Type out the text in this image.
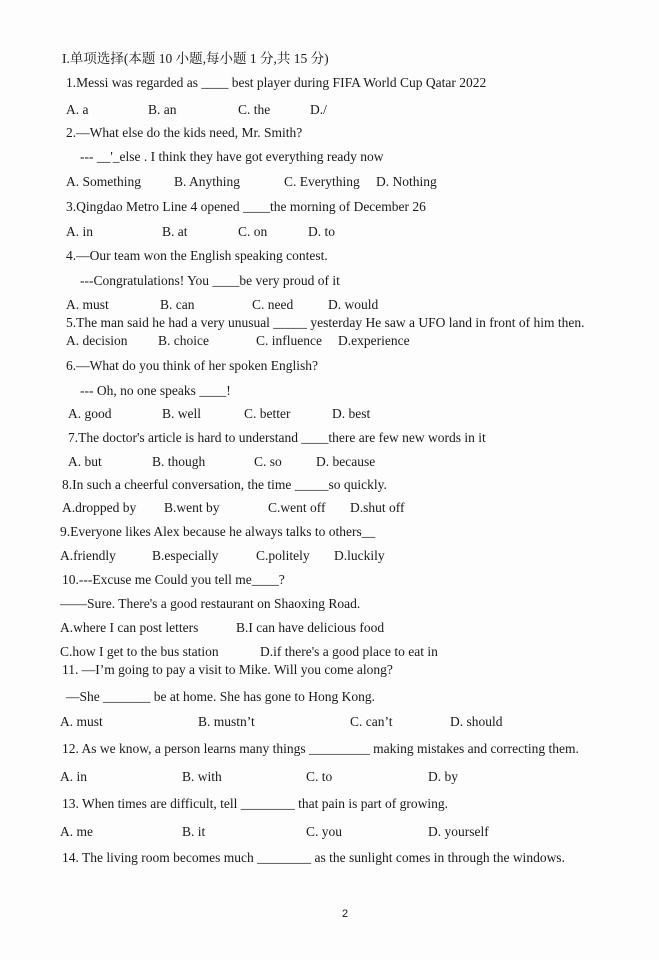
I.单项选择(本题 10 小题,每小题 1 分,共 15 分)
1.Messi was regarded as ____ best player during FIFA World Cup Qatar 2022
A. a	B. an	C. the	D./
2.—What else do the kids need, Mr. Smith?
--- __'_else . I think they have got everything ready now
A. Something B. Anything	C. Everything D. Nothing
3.Qingdao Metro Line 4 opened ____the morning of December 26
A. in	B. at	C. on	D. to
4.—Our team won the English speaking contest.
---Congratulations! You ____be very proud of it
A. must	B. can	C. need	D. would
5.The man said he had a very unusual _____ yesterday He saw a UFO land in front of him then.
A. decision B. choice	C. influence D.experience
6.—What do you think of her spoken English?
--- Oh, no one speaks ____!
A. good	B. well	C. better	D. best
7.The doctor's article is hard to understand ____there are few new words in it
A. but	B. though	C. so	D. because
8.In such a cheerful conversation, the time _____so quickly.
A.dropped by B.went by	C.went off D.shut off
9.Everyone likes Alex because he always talks to others__
A.friendly	B.especially	C.politely D.luckily
10.---Excuse me Could you tell me____?
——Sure. There's a good restaurant on Shaoxing Road.
A.where I can post letters	B.I can have delicious food
C.how I get to the bus station	D.if there's a good place to eat in
11. —I’m going to pay a visit to Mike. Will you come along?
—She _______ be at home. She has gone to Hong Kong.
A. must	B. mustn’t	C. can’t	D. should
12. As we know, a person learns many things _________ making mistakes and correcting them.
A. in	B. with	C. to	D. by
13. When times are difficult, tell ________ that pain is part of growing.
A. me	B. it	C. you	D. yourself
14. The living room becomes much ________ as the sunlight comes in through the windows.
2
